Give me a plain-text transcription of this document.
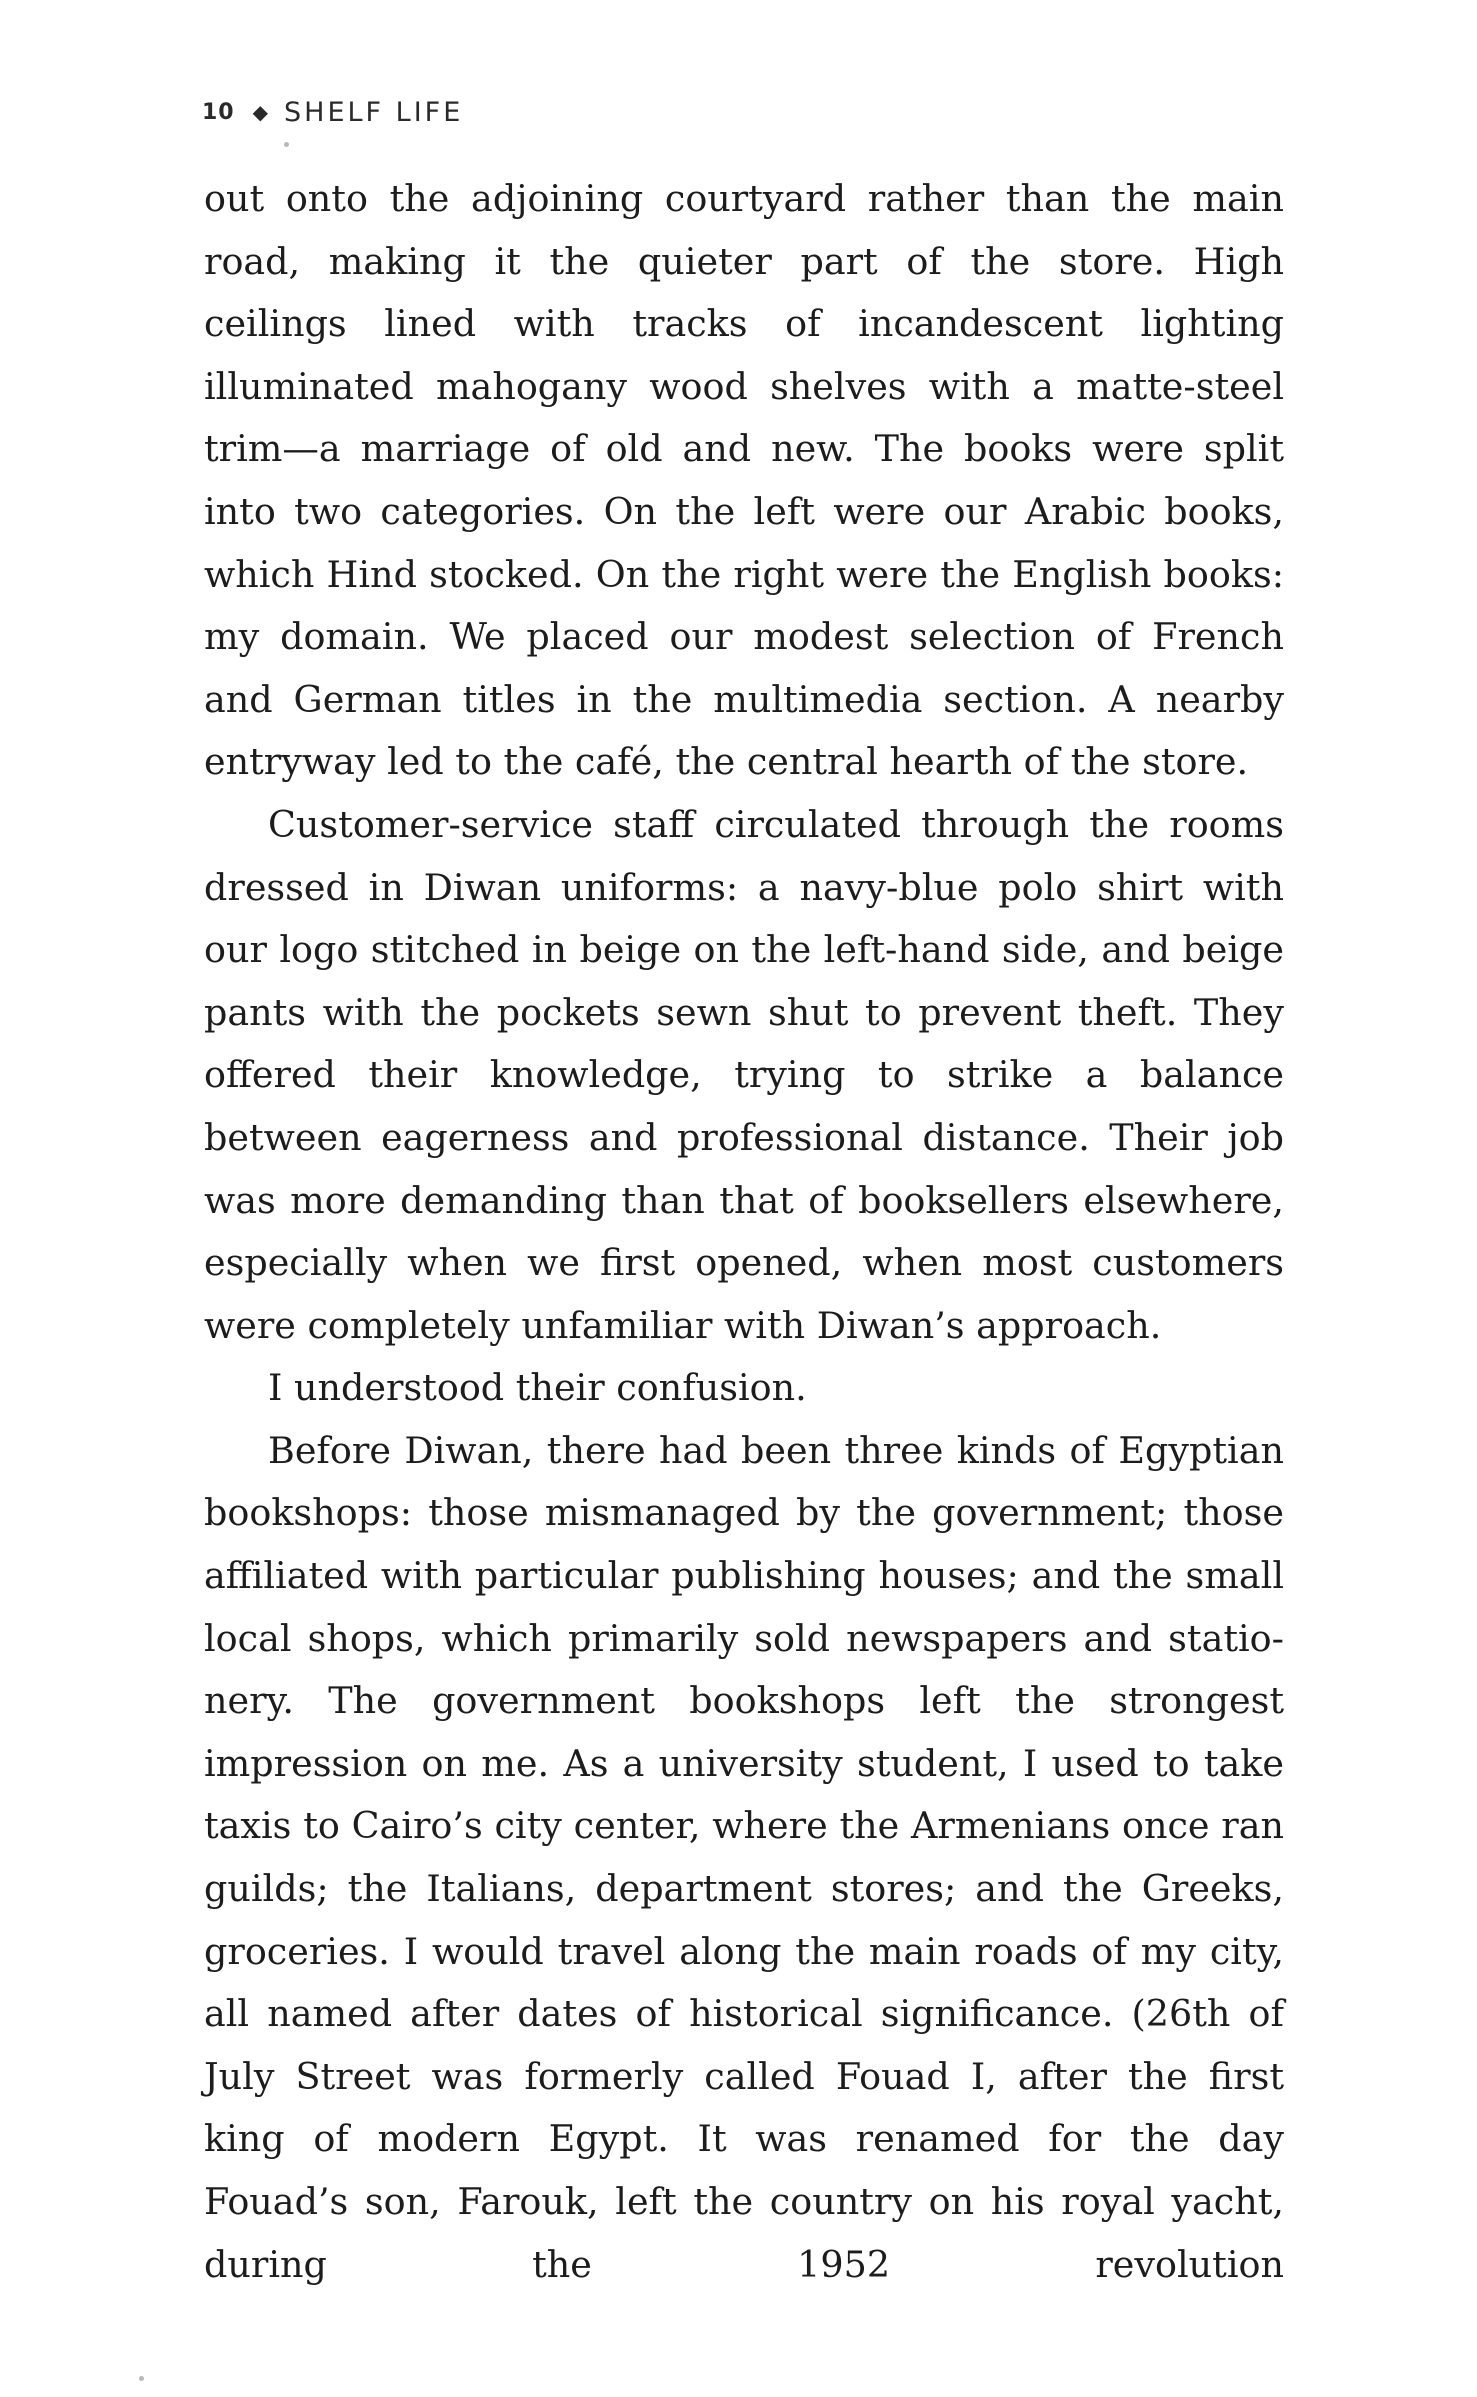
10 ◆ SHELF LIFE

out onto the adjoining courtyard rather than the main road, making it the quieter part of the store. High ceilings lined with tracks of incandescent lighting illuminated mahogany wood shelves with a matte-steel trim—a marriage of old and new. The books were split into two categories. On the left were our Arabic books, which Hind stocked. On the right were the English books: my domain. We placed our modest selection of French and German titles in the multimedia section. A nearby entryway led to the café, the central hearth of the store.

Customer-service staff circulated through the rooms dressed in Diwan uniforms: a navy-blue polo shirt with our logo stitched in beige on the left-hand side, and beige pants with the pockets sewn shut to prevent theft. They offered their knowledge, trying to strike a balance between eagerness and professional distance. Their job was more demanding than that of booksellers elsewhere, especially when we first opened, when most customers were completely unfamiliar with Diwan’s approach.

I understood their confusion.

Before Diwan, there had been three kinds of Egyptian bookshops: those mismanaged by the government; those affiliated with particular publishing houses; and the small local shops, which primarily sold newspapers and stationery. The government bookshops left the strongest impression on me. As a university student, I used to take taxis to Cairo’s city center, where the Armenians once ran guilds; the Italians, department stores; and the Greeks, groceries. I would travel along the main roads of my city, all named after dates of historical significance. (26th of July Street was formerly called Fouad I, after the first king of modern Egypt. It was renamed for the day Fouad’s son, Farouk, left the country on his royal yacht, during the 1952 revolution
